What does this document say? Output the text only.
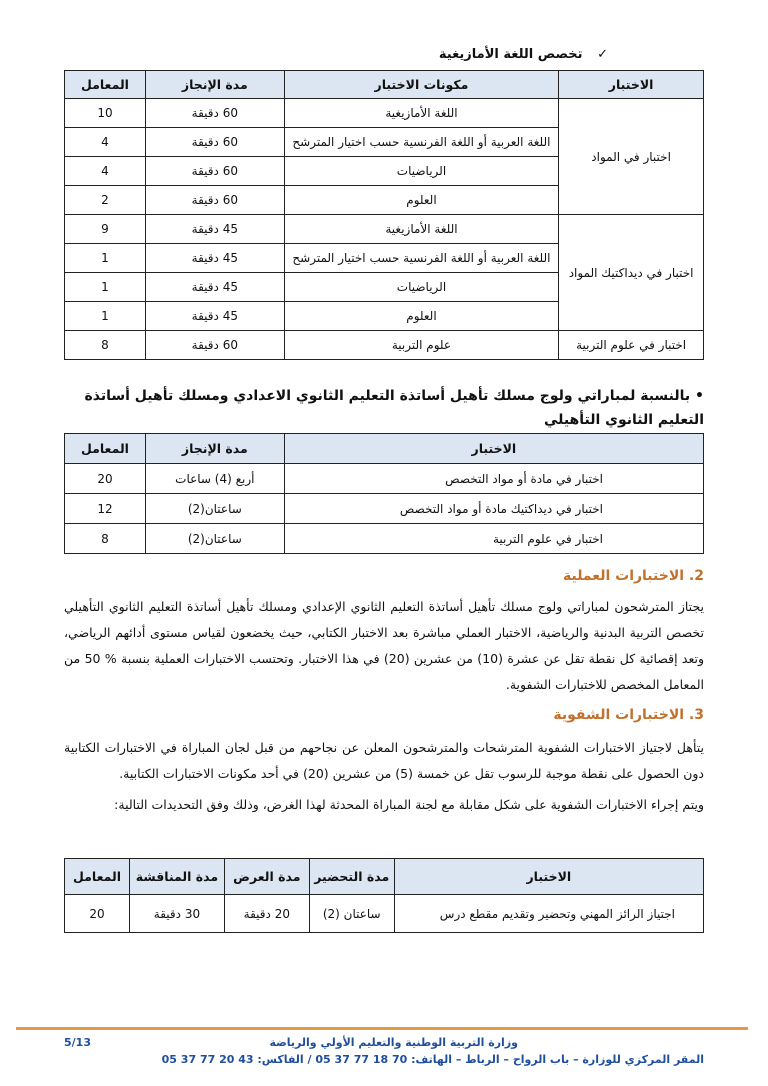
✓ تخصص اللغة الأمازيغية
الاختبار	مكونات الاختبار	مدة الإنجاز	المعامل
اختبار في المواد	اللغة الأمازيغية	60 دقيقة	10
	اللغة العربية أو اللغة الفرنسية حسب اختيار المترشح	60 دقيقة	4
	الرياضيات	60 دقيقة	4
	العلوم	60 دقيقة	2
اختبار في ديداكتيك المواد	اللغة الأمازيغية	45 دقيقة	9
	اللغة العربية أو اللغة الفرنسية حسب اختيار المترشح	45 دقيقة	1
	الرياضيات	45 دقيقة	1
	العلوم	45 دقيقة	1
اختبار في علوم التربية	علوم التربية	60 دقيقة	8
• بالنسبة لمباراتي ولوج مسلك تأهيل أساتذة التعليم الثانوي الاعدادي ومسلك تأهيل أساتذة التعليم الثانوي التأهيلي
الاختبار	مدة الإنجاز	المعامل
اختبار في مادة أو مواد التخصص	أربع (4) ساعات	20
اختبار في ديداكتيك مادة أو مواد التخصص	ساعتان(2)	12
اختبار في علوم التربية	ساعتان(2)	8
2. الاختبارات العملية
يجتاز المترشحون لمباراتي ولوج مسلك تأهيل أساتذة التعليم الثانوي الإعدادي ومسلك تأهيل أساتذة التعليم الثانوي التأهيلي تخصص التربية البدنية والرياضية، الاختبار العملي مباشرة بعد الاختبار الكتابي، حيث يخضعون لقياس مستوى أدائهم الرياضي، وتعد إقصائية كل نقطة تقل عن عشرة (10) من عشرين (20) في هذا الاختبار. وتحتسب الاختبارات العملية بنسبة % 50 من المعامل المخصص للاختبارات الشفوية.
3. الاختبارات الشفوية
يتأهل لاجتياز الاختبارات الشفوية المترشحات والمترشحون المعلن عن نجاحهم من قبل لجان المباراة في الاختبارات الكتابية دون الحصول على نقطة موجبة للرسوب تقل عن خمسة (5) من عشرين (20) في أحد مكونات الاختبارات الكتابية.
ويتم إجراء الاختبارات الشفوية على شكل مقابلة مع لجنة المباراة المحدثة لهذا الغرض، وذلك وفق التحديدات التالية:
الاختبار	مدة التحضير	مدة العرض	مدة المناقشة	المعامل
اجتياز الرائز المهني وتحضير وتقديم مقطع درس	ساعتان (2)	20 دقيقة	30 دقيقة	20
وزارة التربية الوطنية والتعليم الأولي والرياضة
المقر المركزي للوزارة – باب الرواح – الرباط – الهاتف: 70 18 77 37 05 / الفاكس: 43 20 77 37 05
5/13
